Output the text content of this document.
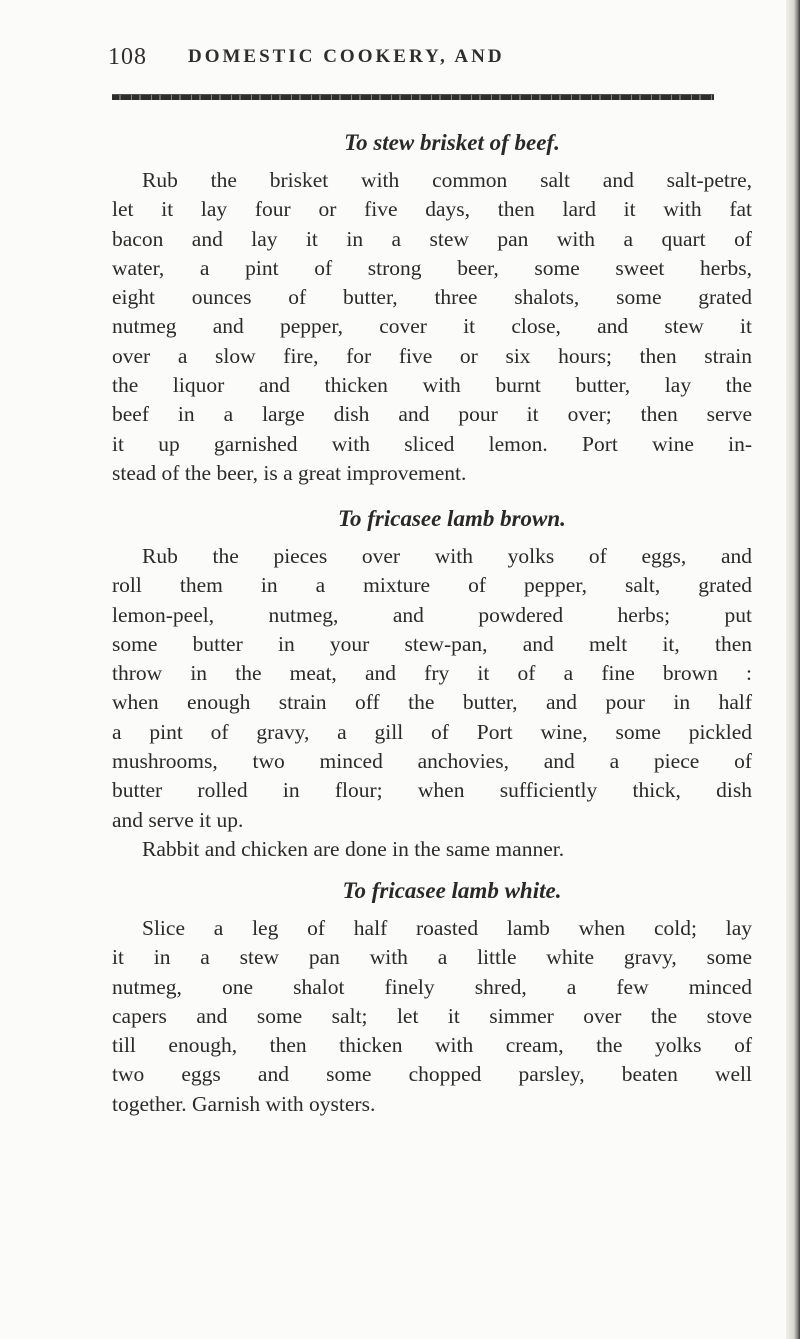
108 DOMESTIC COOKERY, AND
To stew brisket of beef.
Rub the brisket with common salt and salt-petre,
let it lay four or five days, then lard it with fat
bacon and lay it in a stew pan with a quart of
water, a pint of strong beer, some sweet herbs,
eight ounces of butter, three shalots, some grated
nutmeg and pepper, cover it close, and stew it
over a slow fire, for five or six hours; then strain
the liquor and thicken with burnt butter, lay the
beef in a large dish and pour it over; then serve
it up garnished with sliced lemon. Port wine in-
stead of the beer, is a great improvement.
To fricasee lamb brown.
Rub the pieces over with yolks of eggs, and
roll them in a mixture of pepper, salt, grated
lemon-peel, nutmeg, and powdered herbs; put
some butter in your stew-pan, and melt it, then
throw in the meat, and fry it of a fine brown :
when enough strain off the butter, and pour in half
a pint of gravy, a gill of Port wine, some pickled
mushrooms, two minced anchovies, and a piece of
butter rolled in flour; when sufficiently thick, dish
and serve it up.
Rabbit and chicken are done in the same manner.
To fricasee lamb white.
Slice a leg of half roasted lamb when cold; lay
it in a stew pan with a little white gravy, some
nutmeg, one shalot finely shred, a few minced
capers and some salt; let it simmer over the stove
till enough, then thicken with cream, the yolks of
two eggs and some chopped parsley, beaten well
together. Garnish with oysters.
